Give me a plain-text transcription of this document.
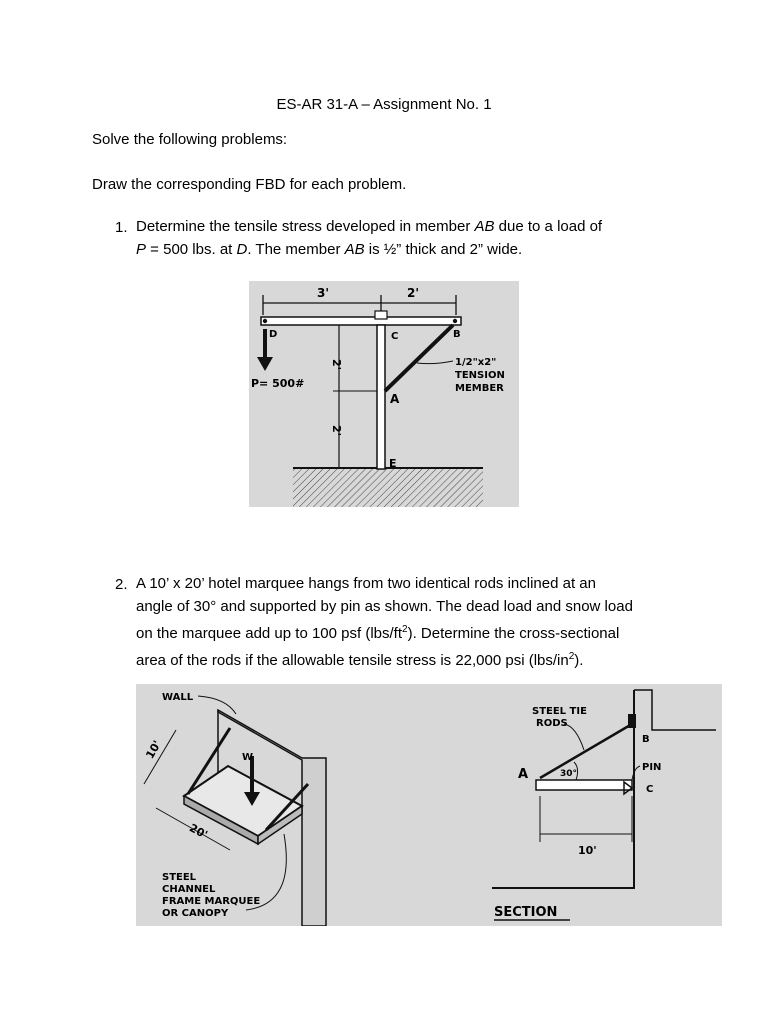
ES-AR 31-A – Assignment No. 1
Solve the following problems:
Draw the corresponding FBD for each problem.
1. Determine the tensile stress developed in member AB due to a load of
P = 500 lbs. at D. The member AB is ½” thick and 2” wide.
3'	2'
D	C	B
A
E
P= 500#
2'
2'
1/2"x2"
TENSION
MEMBER
2. A 10’ x 20’ hotel marquee hangs from two identical rods inclined at an
angle of 30° and supported by pin as shown. The dead load and snow load
on the marquee add up to 100 psf $(lbs/ft^2)$. Determine the cross-sectional
area of the rods if the allowable tensile stress is 22,000 psi $(lbs/in^2)$.
WALL
W
10'
20'
STEEL
CHANNEL
FRAME MARQUEE
OR CANOPY
STEEL TIE
RODS
B
A	30°
PIN
C
10'
SECTION
